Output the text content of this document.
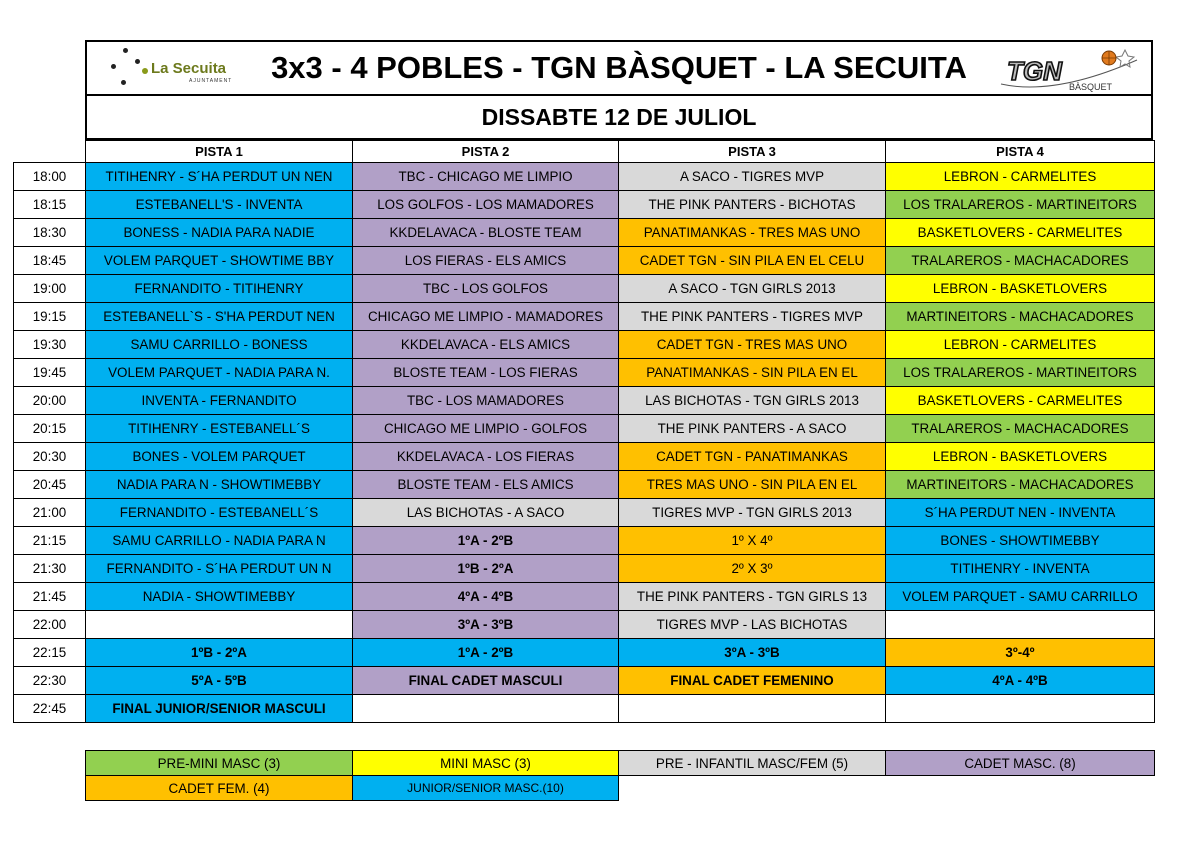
La Secuita
AJUNTAMENT	3x3 - 4 POBLES - TGN BÀSQUET - LA SECUITA	TGN
BÀSQUET
DISSABTE 12 DE JULIOL
	PISTA 1	PISTA 2	PISTA 3	PISTA 4
18:00	TITIHENRY - S´HA PERDUT UN NEN	TBC - CHICAGO ME LIMPIO	A SACO - TIGRES MVP	LEBRON - CARMELITES
18:15	ESTEBANELL'S - INVENTA	LOS GOLFOS - LOS MAMADORES	THE PINK PANTERS - BICHOTAS	LOS TRALAREROS - MARTINEITORS
18:30	BONESS - NADIA PARA NADIE	KKDELAVACA - BLOSTE TEAM	PANATIMANKAS - TRES MAS UNO	BASKETLOVERS - CARMELITES
18:45	VOLEM PARQUET - SHOWTIME BBY	LOS FIERAS - ELS AMICS	CADET TGN - SIN PILA EN EL CELU	TRALAREROS - MACHACADORES
19:00	FERNANDITO - TITIHENRY	TBC - LOS GOLFOS	A SACO - TGN GIRLS 2013	LEBRON - BASKETLOVERS
19:15	ESTEBANELL`S - S'HA PERDUT NEN	CHICAGO ME LIMPIO - MAMADORES	THE PINK PANTERS - TIGRES MVP	MARTINEITORS - MACHACADORES
19:30	SAMU CARRILLO - BONESS	KKDELAVACA - ELS AMICS	CADET TGN - TRES MAS UNO	LEBRON - CARMELITES
19:45	VOLEM PARQUET - NADIA PARA N.	BLOSTE TEAM - LOS FIERAS	PANATIMANKAS - SIN PILA EN EL	LOS TRALAREROS - MARTINEITORS
20:00	INVENTA - FERNANDITO	TBC - LOS MAMADORES	LAS BICHOTAS - TGN GIRLS 2013	BASKETLOVERS - CARMELITES
20:15	TITIHENRY - ESTEBANELL´S	CHICAGO ME LIMPIO - GOLFOS	THE PINK PANTERS - A SACO	TRALAREROS - MACHACADORES
20:30	BONES - VOLEM PARQUET	KKDELAVACA - LOS FIERAS	CADET TGN - PANATIMANKAS	LEBRON - BASKETLOVERS
20:45	NADIA PARA N - SHOWTIMEBBY	BLOSTE TEAM - ELS AMICS	TRES MAS UNO - SIN PILA EN EL	MARTINEITORS - MACHACADORES
21:00	FERNANDITO - ESTEBANELL´S	LAS BICHOTAS - A SACO	TIGRES MVP - TGN GIRLS 2013	S´HA PERDUT NEN - INVENTA
21:15	SAMU CARRILLO - NADIA PARA N	1ºA - 2ºB	1º X 4º	BONES - SHOWTIMEBBY
21:30	FERNANDITO - S´HA PERDUT UN N	1ºB - 2ºA	2º X 3º	TITIHENRY - INVENTA
21:45	NADIA - SHOWTIMEBBY	4ºA - 4ºB	THE PINK PANTERS - TGN GIRLS 13	VOLEM PARQUET - SAMU CARRILLO
22:00		3ºA - 3ºB	TIGRES MVP - LAS BICHOTAS	
22:15	1ºB - 2ºA	1ºA - 2ºB	3ºA - 3ºB	3º-4º
22:30	5ºA - 5ºB	FINAL CADET MASCULI	FINAL CADET FEMENINO	4ºA - 4ºB
22:45	FINAL JUNIOR/SENIOR MASCULI			
PRE-MINI MASC (3)	MINI MASC (3)	PRE - INFANTIL MASC/FEM (5)	CADET MASC. (8)
CADET FEM. (4)	JUNIOR/SENIOR MASC.(10)		
